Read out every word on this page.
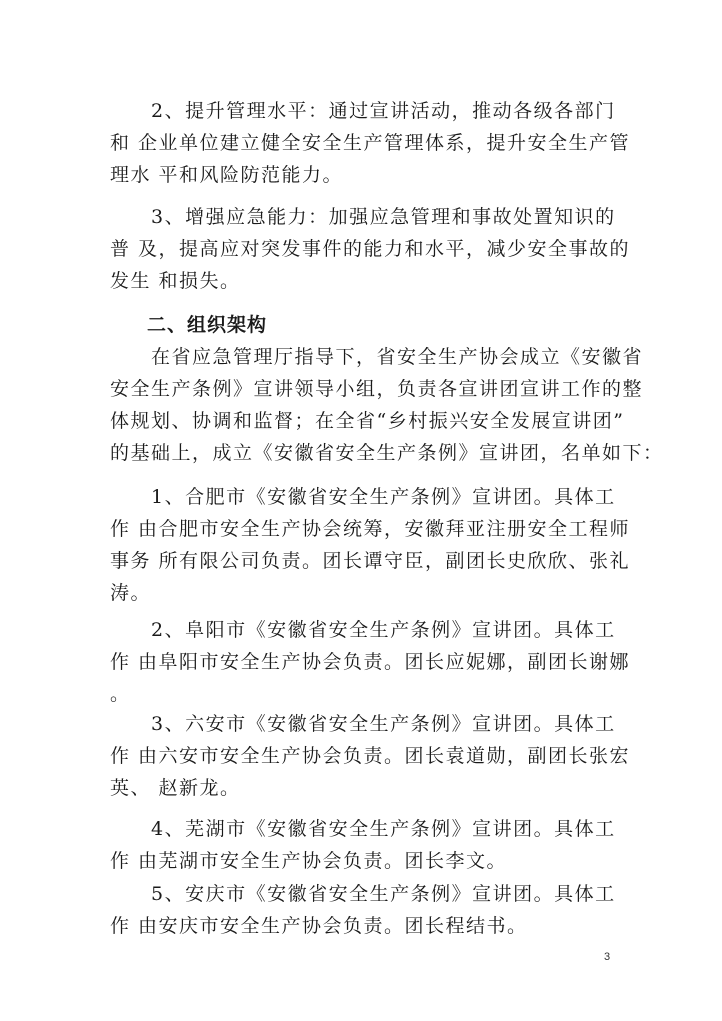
　　2、提升管理水平：通过宣讲活动，推动各级各部门
和 企业单位建立健全安全生产管理体系，提升安全生产管
理水 平和风险防范能力。

　　3、增强应急能力：加强应急管理和事故处置知识的
普 及，提高应对突发事件的能力和水平，减少安全事故的
发生 和损失。

二、组织架构

　　在省应急管理厅指导下，省安全生产协会成立《安徽省
安全生产条例》宣讲领导小组，负责各宣讲团宣讲工作的整
体规划、协调和监督；在全省“乡村振兴安全发展宣讲团”
的基础上，成立《安徽省安全生产条例》宣讲团，名单如下：

　　1、合肥市《安徽省安全生产条例》宣讲团。具体工
作 由合肥市安全生产协会统筹，安徽拜亚注册安全工程师
事务 所有限公司负责。团长谭守臣，副团长史欣欣、张礼
涛。

　　2、阜阳市《安徽省安全生产条例》宣讲团。具体工
作 由阜阳市安全生产协会负责。团长应妮娜，副团长谢娜
。

　　3、六安市《安徽省安全生产条例》宣讲团。具体工
作 由六安市安全生产协会负责。团长袁道勋，副团长张宏
英、 赵新龙。

　　4、芜湖市《安徽省安全生产条例》宣讲团。具体工
作 由芜湖市安全生产协会负责。团长李文。

　　5、安庆市《安徽省安全生产条例》宣讲团。具体工
作 由安庆市安全生产协会负责。团长程结书。

3
